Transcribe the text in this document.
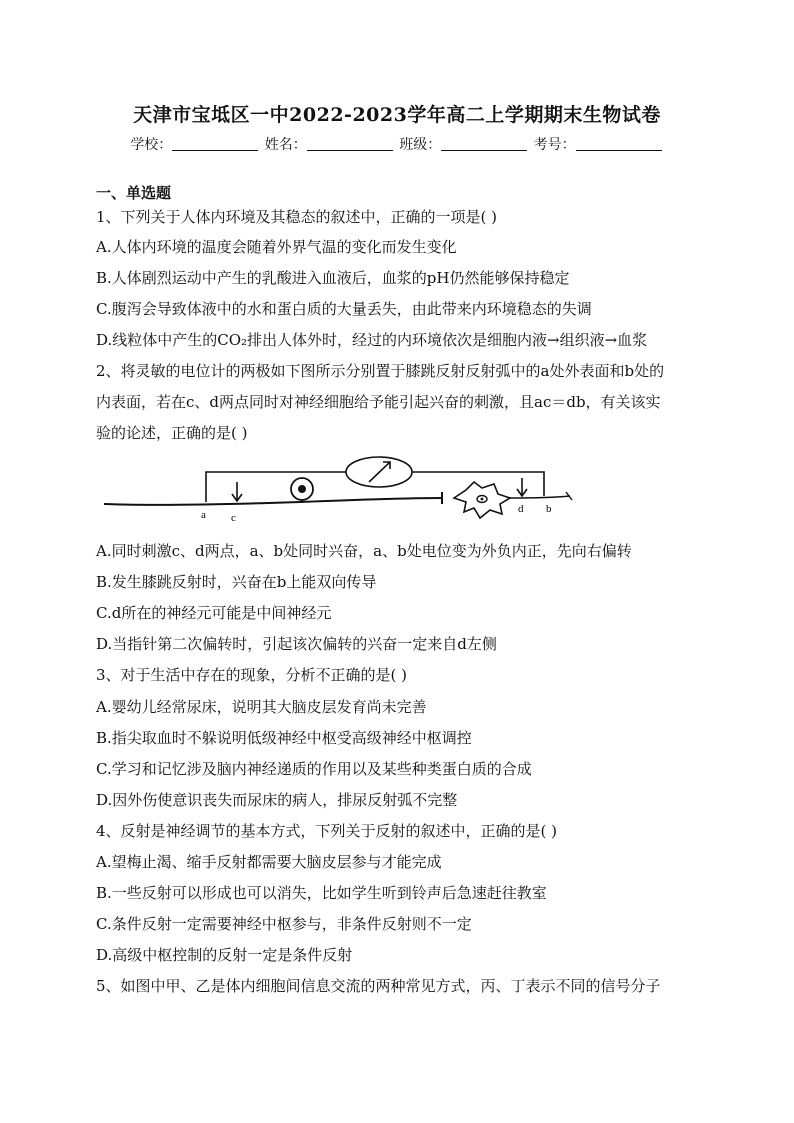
天津市宝坻区一中2022-2023学年高二上学期期末生物试卷
学校：	姓名：	班级：	考号：
一、单选题
1、下列关于人体内环境及其稳态的叙述中，正确的一项是( )
A.人体内环境的温度会随着外界气温的变化而发生变化
B.人体剧烈运动中产生的乳酸进入血液后，血浆的pH仍然能够保持稳定
C.腹泻会导致体液中的水和蛋白质的大量丢失，由此带来内环境稳态的失调
D.线粒体中产生的CO₂排出人体外时，经过的内环境依次是细胞内液→组织液→血浆
2、将灵敏的电位计的两极如下图所示分别置于膝跳反射反射弧中的a处外表面和b处的
内表面，若在c、d两点同时对神经细胞给予能引起兴奋的刺激，且ac＝db，有关该实
验的论述，正确的是( )
a c
d b
A.同时刺激c、d两点，a、b处同时兴奋，a、b处电位变为外负内正，先向右偏转
B.发生膝跳反射时，兴奋在b上能双向传导
C.d所在的神经元可能是中间神经元
D.当指针第二次偏转时，引起该次偏转的兴奋一定来自d左侧
3、对于生活中存在的现象，分析不正确的是( )
A.婴幼儿经常尿床，说明其大脑皮层发育尚未完善
B.指尖取血时不躲说明低级神经中枢受高级神经中枢调控
C.学习和记忆涉及脑内神经递质的作用以及某些种类蛋白质的合成
D.因外伤使意识丧失而尿床的病人，排尿反射弧不完整
4、反射是神经调节的基本方式，下列关于反射的叙述中，正确的是( )
A.望梅止渴、缩手反射都需要大脑皮层参与才能完成
B.一些反射可以形成也可以消失，比如学生听到铃声后急速赶往教室
C.条件反射一定需要神经中枢参与，非条件反射则不一定
D.高级中枢控制的反射一定是条件反射
5、如图中甲、乙是体内细胞间信息交流的两种常见方式，丙、丁表示不同的信号分子
